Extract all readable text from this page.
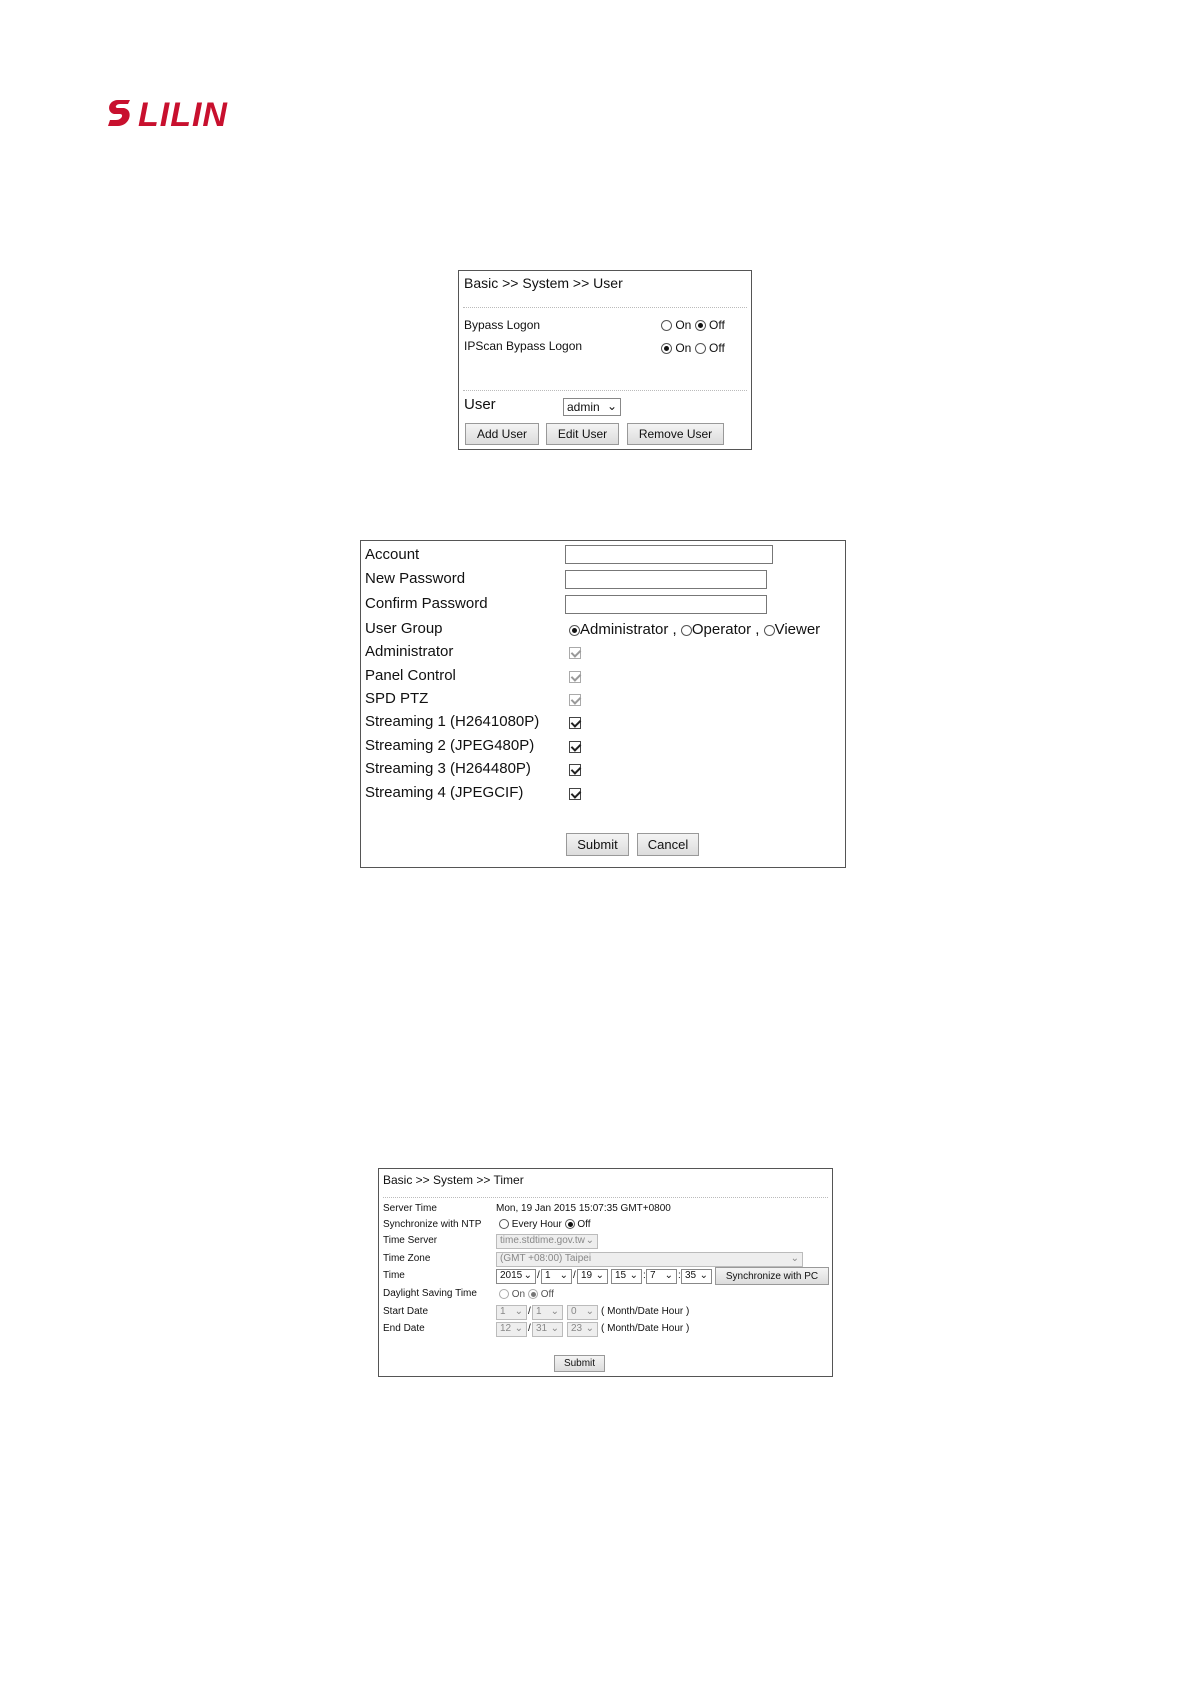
LILIN
Basic >> System >> User
Bypass Logon	On Off
IPScan Bypass Logon	On Off
User	admin ⌄
Add User	Edit User	Remove User
Account
New Password
Confirm Password
User Group	Administrator , Operator , Viewer
Administrator
Panel Control
SPD PTZ
Streaming 1 (H2641080P)
Streaming 2 (JPEG480P)
Streaming 3 (H264480P)
Streaming 4 (JPEGCIF)
Submit	Cancel
Basic >> System >> Timer
Server Time	Mon, 19 Jan 2015 15:07:35 GMT+0800
Synchronize with NTP	Every Hour Off
Time Server	time.stdtime.gov.tw ⌄
Time Zone	(GMT +08:00) Taipei	⌄
Time	2015 ⌄ / 1 ⌄ / 19 ⌄ 15 ⌄ : 7 ⌄ : 35 ⌄	Synchronize with PC
Daylight Saving Time	On Off
Start Date	1 ⌄ / 1 ⌄ 0 ⌄ ( Month/Date Hour )
End Date	12 ⌄ / 31 ⌄ 23 ⌄ ( Month/Date Hour )
Submit
